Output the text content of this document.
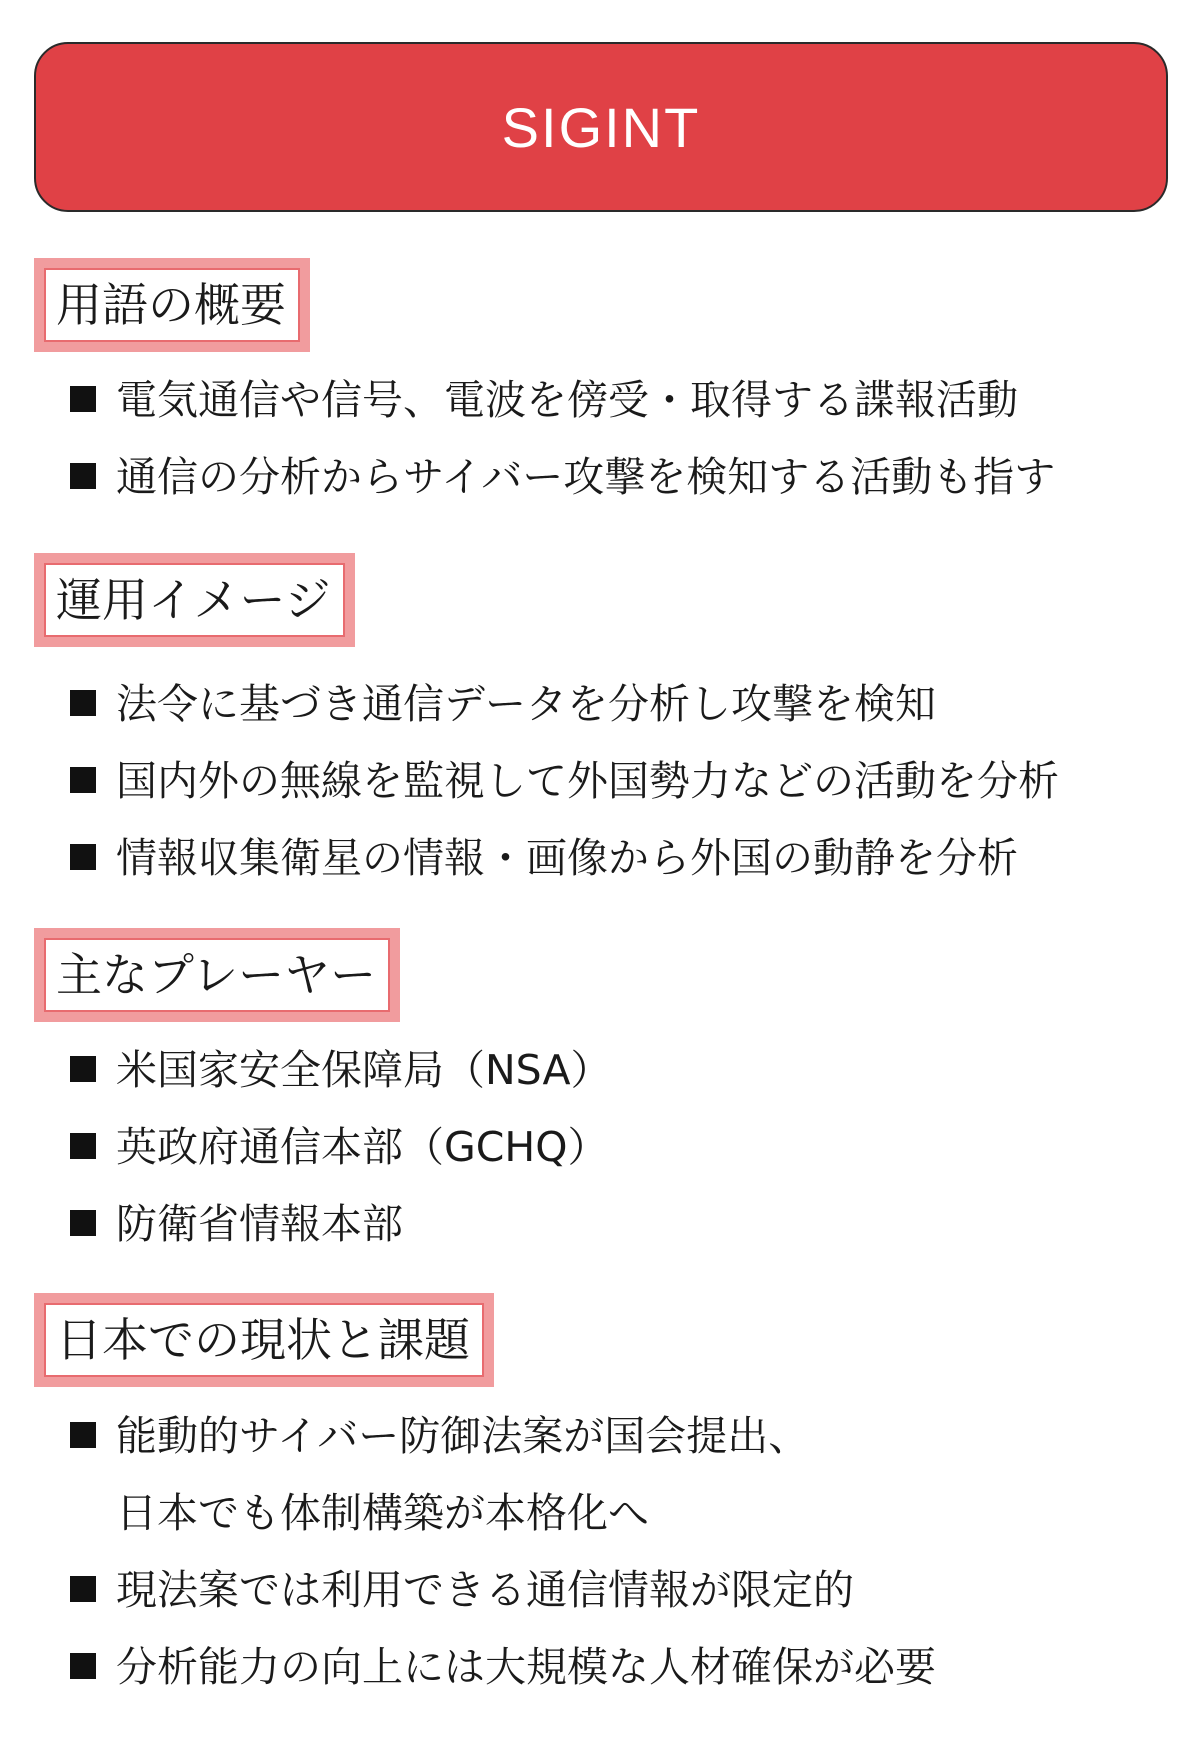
SIGINT
用語の概要
電気通信や信号、電波を傍受・取得する諜報活動
通信の分析からサイバー攻撃を検知する活動も指す
運用イメージ
法令に基づき通信データを分析し攻撃を検知
国内外の無線を監視して外国勢力などの活動を分析
情報収集衛星の情報・画像から外国の動静を分析
主なプレーヤー
米国家安全保障局（NSA）
英政府通信本部（GCHQ）
防衛省情報本部
日本での現状と課題
能動的サイバー防御法案が国会提出、
日本でも体制構築が本格化へ
現法案では利用できる通信情報が限定的
分析能力の向上には大規模な人材確保が必要
